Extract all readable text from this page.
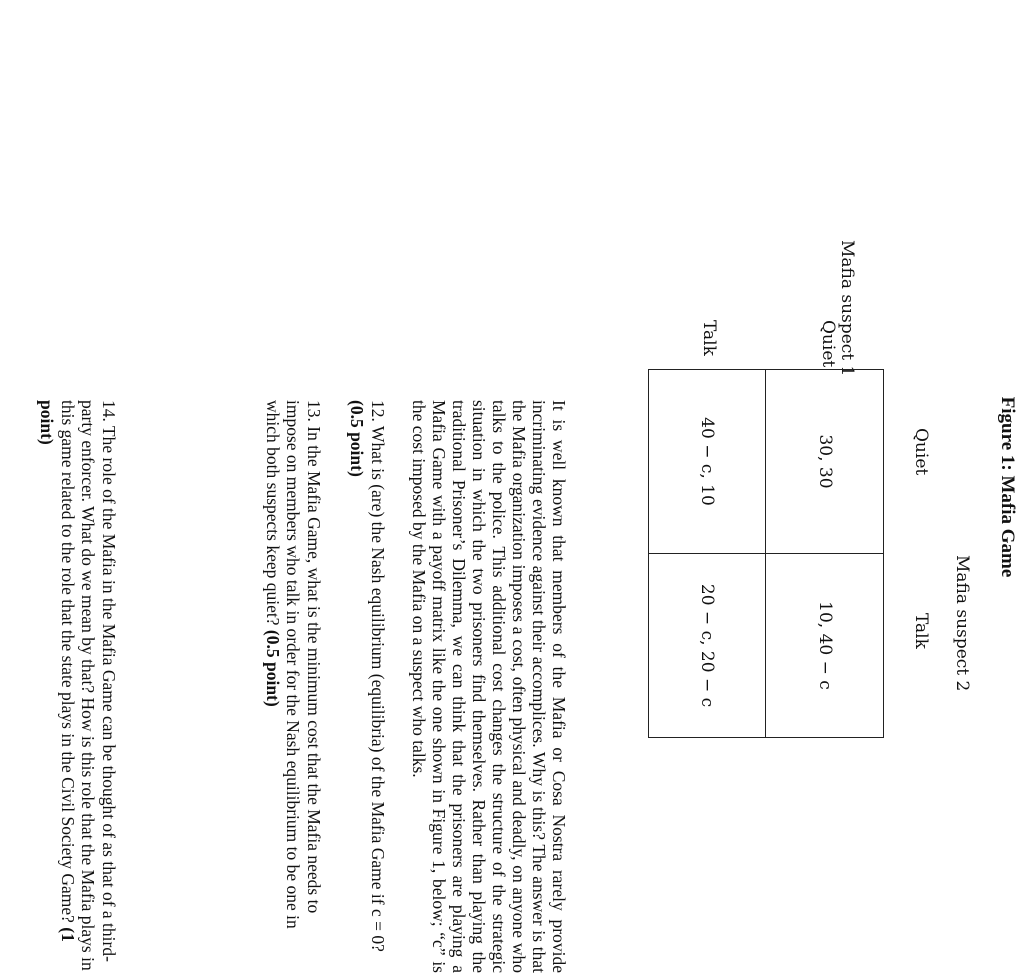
Figure 1: Mafia Game
Mafia suspect 2
Quiet
Talk
Mafia suspect 1
Quiet
Talk
30, 30	10, 40 − c
40 − c, 10	20 − c, 20 − c

It is well known that members of the Mafia or Cosa Nostra rarely provide incriminating evidence against their accomplices. Why is this? The answer is that the Mafia organization imposes a cost, often physical and deadly, on anyone who talks to the police. This additional cost changes the structure of the strategic situation in which the two prisoners find themselves. Rather than playing the traditional Prisoner’s Dilemma, we can think that the prisoners are playing a Mafia Game with a payoff matrix like the one shown in Figure 1, below; “c” is the cost imposed by the Mafia on a suspect who talks.

12. What is (are) the Nash equilibrium (equilibria) of the Mafia Game if c = 0? (0.5 point)

13. In the Mafia Game, what is the minimum cost that the Mafia needs to impose on members who talk in order for the Nash equilibrium to be one in which both suspects keep quiet? (0.5 point)

14. The role of the Mafia in the Mafia Game can be thought of as that of a third-party enforcer. What do we mean by that? How is this role that the Mafia plays in this game related to the role that the state plays in the Civil Society Game? (1 point)
